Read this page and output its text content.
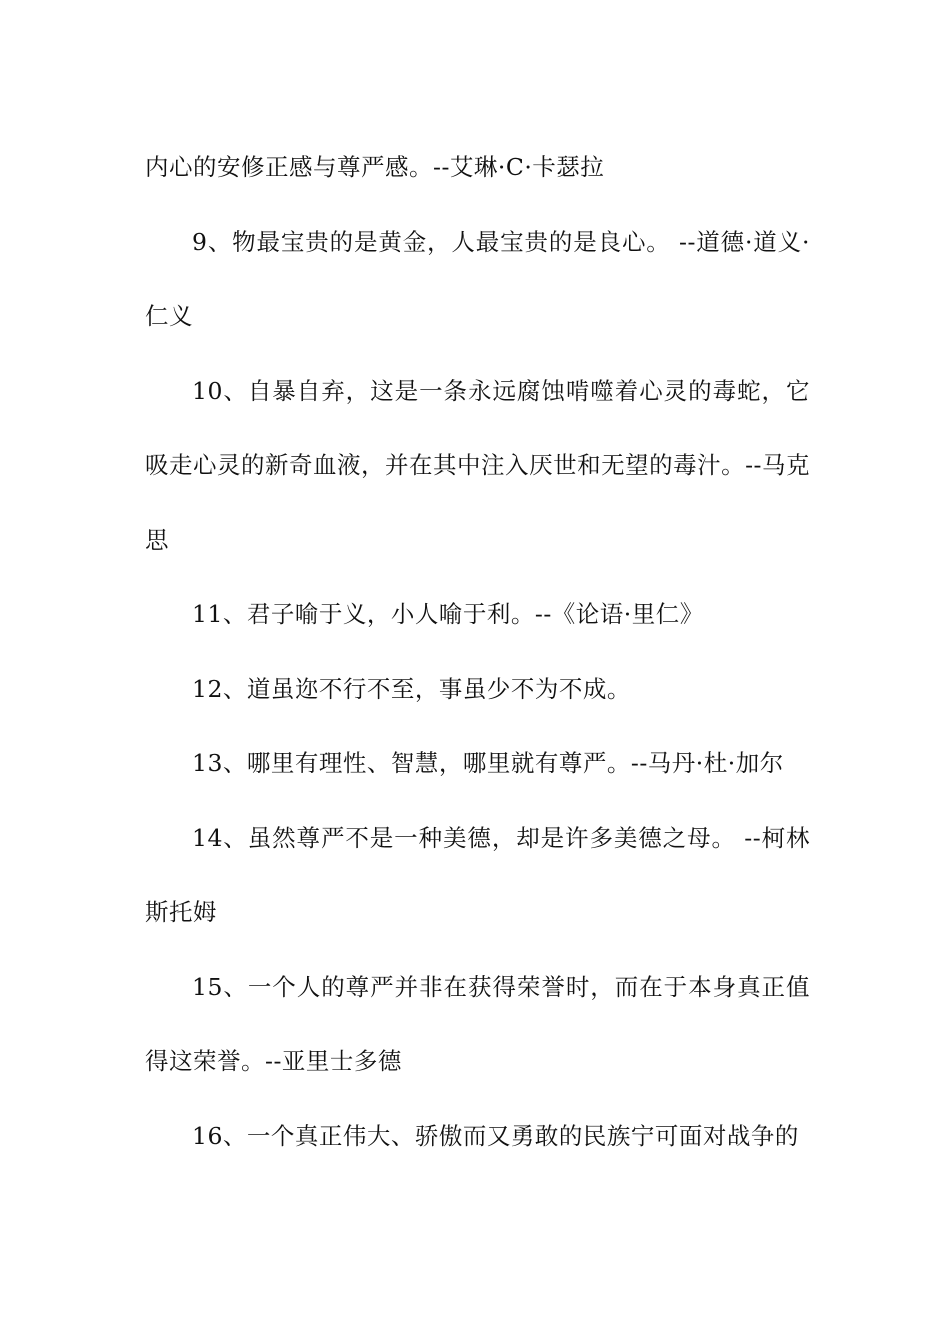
内心的安修正感与尊严感。--艾琳·C·卡瑟拉

9、物最宝贵的是黄金，人最宝贵的是良心。 --道德·道义·仁义

10、自暴自弃，这是一条永远腐蚀啃噬着心灵的毒蛇，它吸走心灵的新奇血液，并在其中注入厌世和无望的毒汁。--马克思

11、君子喻于义，小人喻于利。--《论语·里仁》

12、道虽迩不行不至，事虽少不为不成。

13、哪里有理性、智慧，哪里就有尊严。--马丹·杜·加尔

14、虽然尊严不是一种美德，却是许多美德之母。 --柯林斯托姆

15、一个人的尊严并非在获得荣誉时，而在于本身真正值得这荣誉。--亚里士多德

16、一个真正伟大、骄傲而又勇敢的民族宁可面对战争的
